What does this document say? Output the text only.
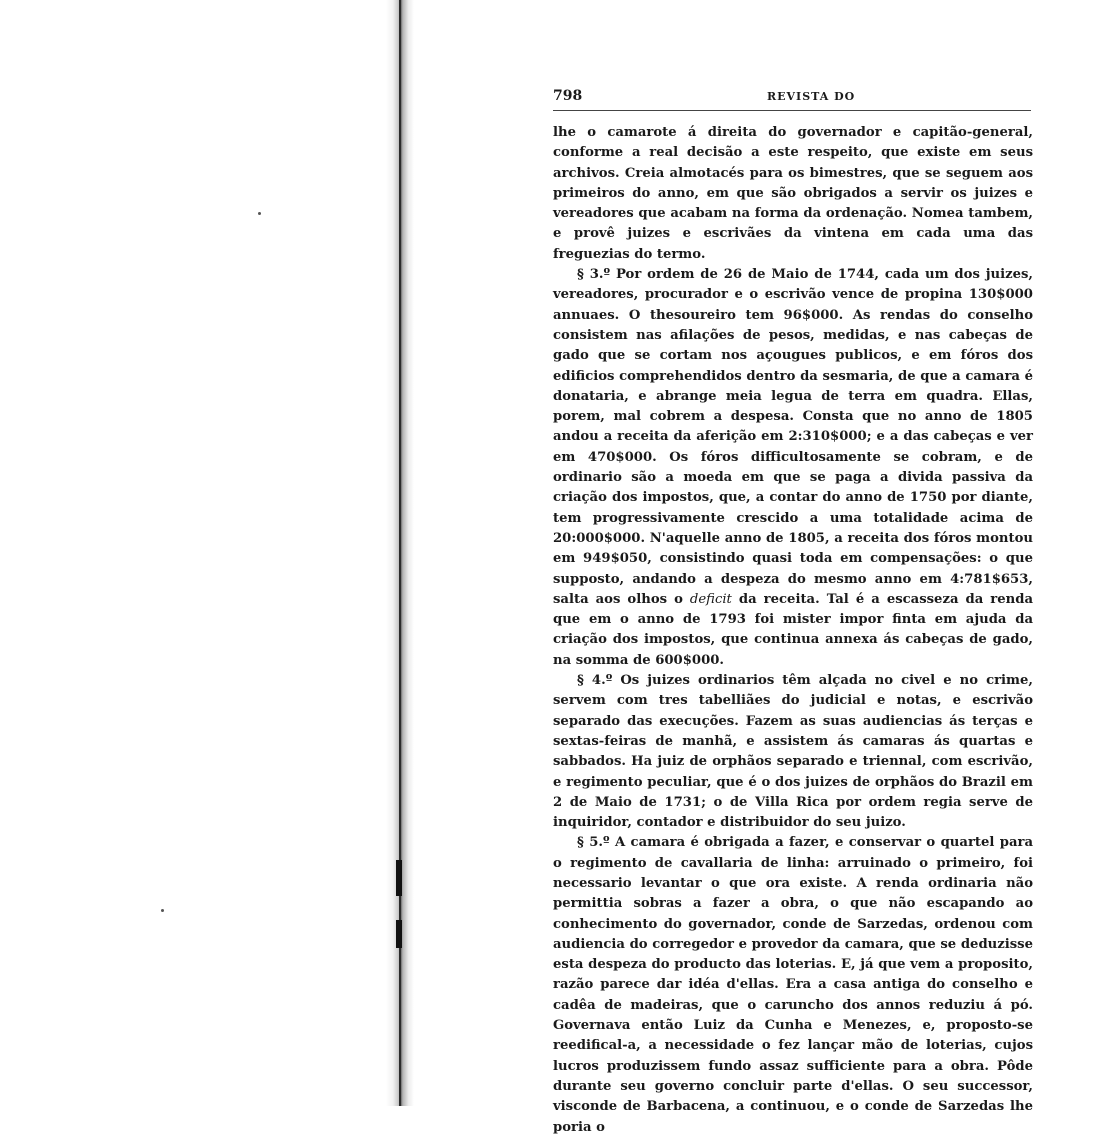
798	REVISTA DO

lhe o camarote á direita do governador e capitão-general, conforme a real decisão a este respeito, que existe em seus archivos. Creia almotacés para os bimestres, que se seguem aos primeiros do anno, em que são obrigados a servir os juizes e vereadores que acabam na forma da ordenação. Nomea tambem, e provê juizes e escrivães da vintena em cada uma das freguezias do termo.

§ 3.º Por ordem de 26 de Maio de 1744, cada um dos juizes, vereadores, procurador e o escrivão vence de propina 130$000 annuaes. O thesoureiro tem 96$000. As rendas do conselho consistem nas afilações de pesos, medidas, e nas cabeças de gado que se cortam nos açougues publicos, e em fóros dos edificios comprehendidos dentro da sesmaria, de que a camara é donataria, e abrange meia legua de terra em quadra. Ellas, porem, mal cobrem a despesa. Consta que no anno de 1805 andou a receita da aferição em 2:310$000; e a das cabeças e ver em 470$000. Os fóros difficultosamente se cobram, e de ordinario são a moeda em que se paga a divida passiva da criação dos impostos, que, a contar do anno de 1750 por diante, tem progressivamente crescido a uma totalidade acima de 20:000$000. N'aquelle anno de 1805, a receita dos fóros montou em 949$050, consistindo quasi toda em compensações: o que supposto, andando a despeza do mesmo anno em 4:781$653, salta aos olhos o deficit da receita. Tal é a escasseza da renda que em o anno de 1793 foi mister impor finta em ajuda da criação dos impostos, que continua annexa ás cabeças de gado, na somma de 600$000.

§ 4.º Os juizes ordinarios têm alçada no civel e no crime, servem com tres tabelliães do judicial e notas, e escrivão separado das execuções. Fazem as suas audiencias ás terças e sextas-feiras de manhã, e assistem ás camaras ás quartas e sabbados. Ha juiz de orphãos separado e triennal, com escrivão, e regimento peculiar, que é o dos juizes de orphãos do Brazil em 2 de Maio de 1731; o de Villa Rica por ordem regia serve de inquiridor, contador e distribuidor do seu juizo.

§ 5.º A camara é obrigada a fazer, e conservar o quartel para o regimento de cavallaria de linha: arruinado o primeiro, foi necessario levantar o que ora existe. A renda ordinaria não permittia sobras a fazer a obra, o que não escapando ao conhecimento do governador, conde de Sarzedas, ordenou com audiencia do corregedor e provedor da camara, que se deduzisse esta despeza do producto das loterias. E, já que vem a proposito, razão parece dar idéa d'ellas. Era a casa antiga do conselho e cadêa de madeiras, que o caruncho dos annos reduziu á pó. Governava então Luiz da Cunha e Menezes, e, proposto-se reedifical-a, a necessidade o fez lançar mão de loterias, cujos lucros produzissem fundo assaz sufficiente para a obra. Pôde durante seu governo concluir parte d'ellas. O seu successor, visconde de Barbacena, a continuou, e o conde de Sarzedas lhe poria o
